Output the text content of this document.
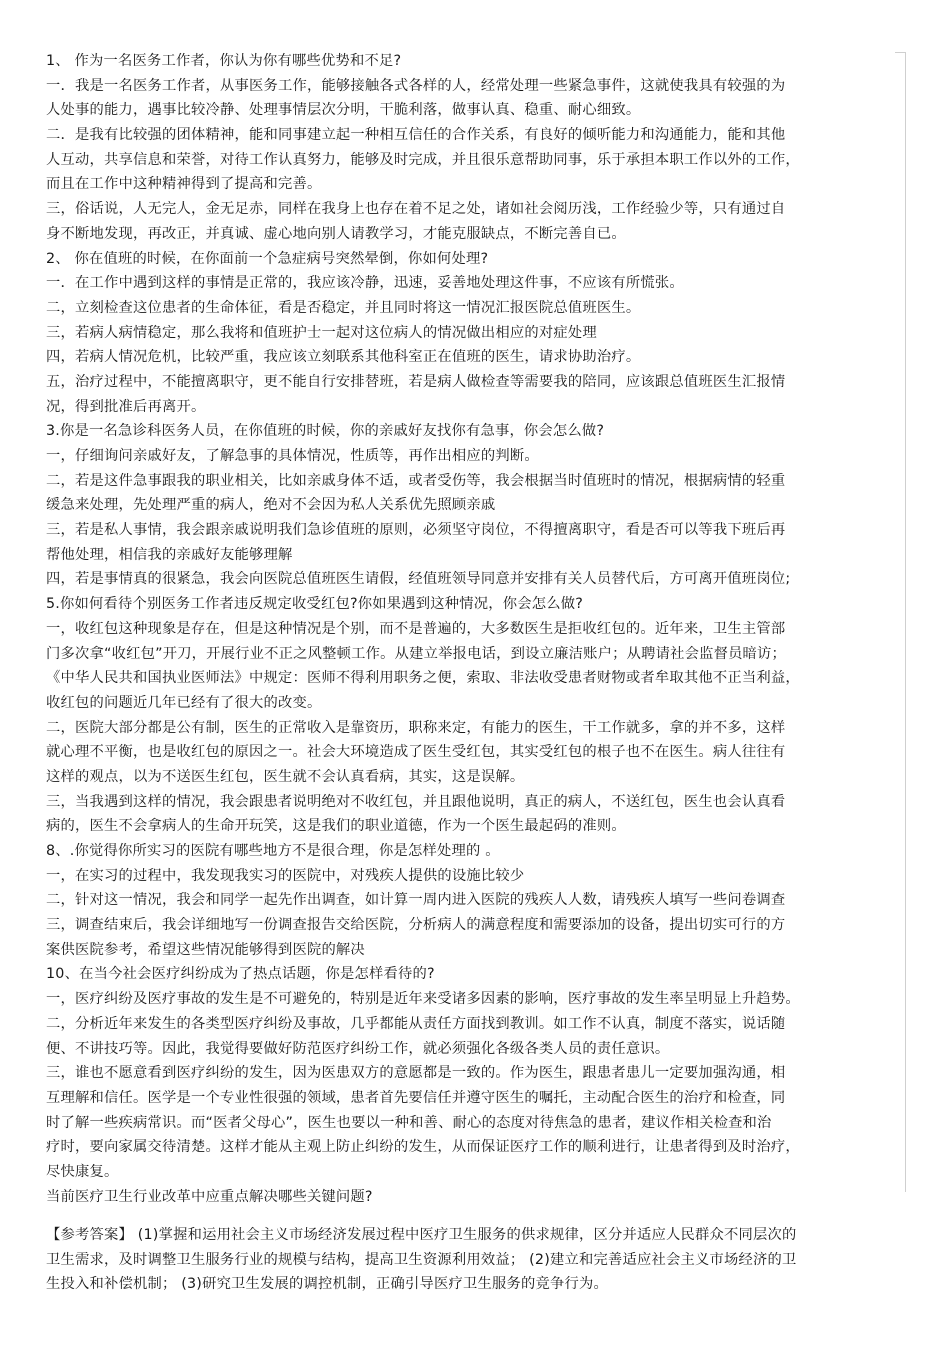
1、 作为一名医务工作者，你认为你有哪些优势和不足?
一．我是一名医务工作者，从事医务工作，能够接触各式各样的人，经常处理一些紧急事件，这就使我具有较强的为
人处事的能力，遇事比较冷静、处理事情层次分明，干脆利落，做事认真、稳重、耐心细致。
二．是我有比较强的团体精神，能和同事建立起一种相互信任的合作关系，有良好的倾听能力和沟通能力，能和其他
人互动，共享信息和荣誉，对待工作认真努力，能够及时完成，并且很乐意帮助同事，乐于承担本职工作以外的工作，
而且在工作中这种精神得到了提高和完善。
三，俗话说，人无完人，金无足赤，同样在我身上也存在着不足之处，诸如社会阅历浅，工作经验少等，只有通过自
身不断地发现，再改正，并真诚、虚心地向别人请教学习，才能克服缺点，不断完善自已。
2、 你在值班的时候，在你面前一个急症病号突然晕倒，你如何处理?
一．在工作中遇到这样的事情是正常的，我应该冷静，迅速，妥善地处理这件事，不应该有所慌张。
二，立刻检查这位患者的生命体征，看是否稳定，并且同时将这一情况汇报医院总值班医生。
三，若病人病情稳定，那么我将和值班护士一起对这位病人的情况做出相应的对症处理
四，若病人情况危机，比较严重，我应该立刻联系其他科室正在值班的医生，请求协助治疗。
五，治疗过程中，不能擅离职守，更不能自行安排替班，若是病人做检查等需要我的陪同，应该跟总值班医生汇报情
况，得到批准后再离开。
3.你是一名急诊科医务人员，在你值班的时候，你的亲戚好友找你有急事，你会怎么做?
一，仔细询问亲戚好友，了解急事的具体情况，性质等，再作出相应的判断。
二，若是这件急事跟我的职业相关，比如亲戚身体不适，或者受伤等，我会根据当时值班时的情况，根据病情的轻重
缓急来处理，先处理严重的病人，绝对不会因为私人关系优先照顾亲戚
三，若是私人事情，我会跟亲戚说明我们急诊值班的原则，必须坚守岗位，不得擅离职守，看是否可以等我下班后再
帮他处理，相信我的亲戚好友能够理解
四，若是事情真的很紧急，我会向医院总值班医生请假，经值班领导同意并安排有关人员替代后，方可离开值班岗位;
5.你如何看待个别医务工作者违反规定收受红包?你如果遇到这种情况，你会怎么做?
一，收红包这种现象是存在，但是这种情况是个别，而不是普遍的，大多数医生是拒收红包的。近年来，卫生主管部
门多次拿“收红包”开刀，开展行业不正之风整顿工作。从建立举报电话，到设立廉洁账户；从聘请社会监督员暗访；
《中华人民共和国执业医师法》中规定：医师不得利用职务之便，索取、非法收受患者财物或者牟取其他不正当利益，
收红包的问题近几年已经有了很大的改变。
二，医院大部分都是公有制，医生的正常收入是靠资历，职称来定，有能力的医生，干工作就多，拿的并不多，这样
就心理不平衡，也是收红包的原因之一。社会大环境造成了医生受红包，其实受红包的根子也不在医生。病人往往有
这样的观点，以为不送医生红包，医生就不会认真看病，其实，这是误解。
三，当我遇到这样的情况，我会跟患者说明绝对不收红包，并且跟他说明，真正的病人，不送红包，医生也会认真看
病的，医生不会拿病人的生命开玩笑，这是我们的职业道德，作为一个医生最起码的准则。
8、.你觉得你所实习的医院有哪些地方不是很合理，你是怎样处理的 。
一，在实习的过程中，我发现我实习的医院中，对残疾人提供的设施比较少
二，针对这一情况，我会和同学一起先作出调查，如计算一周内进入医院的残疾人人数，请残疾人填写一些问卷调查
三，调查结束后，我会详细地写一份调查报告交给医院，分析病人的满意程度和需要添加的设备，提出切实可行的方
案供医院参考，希望这些情况能够得到医院的解决
10、在当今社会医疗纠纷成为了热点话题，你是怎样看待的?
一，医疗纠纷及医疗事故的发生是不可避免的，特别是近年来受诸多因素的影响，医疗事故的发生率呈明显上升趋势。
二，分析近年来发生的各类型医疗纠纷及事故，几乎都能从责任方面找到教训。如工作不认真，制度不落实，说话随
便、不讲技巧等。因此，我觉得要做好防范医疗纠纷工作，就必须强化各级各类人员的责任意识。
三，谁也不愿意看到医疗纠纷的发生，因为医患双方的意愿都是一致的。作为医生，跟患者患儿一定要加强沟通，相
互理解和信任。医学是一个专业性很强的领域，患者首先要信任并遵守医生的嘱托，主动配合医生的治疗和检查，同
时了解一些疾病常识。而“医者父母心”，医生也要以一种和善、耐心的态度对待焦急的患者，建议作相关检查和治
疗时，要向家属交待清楚。这样才能从主观上防止纠纷的发生，从而保证医疗工作的顺利进行，让患者得到及时治疗，
尽快康复。
当前医疗卫生行业改革中应重点解决哪些关键问题?
【参考答案】 (1)掌握和运用社会主义市场经济发展过程中医疗卫生服务的供求规律，区分并适应人民群众不同层次的
卫生需求，及时调整卫生服务行业的规模与结构，提高卫生资源利用效益； (2)建立和完善适应社会主义市场经济的卫
生投入和补偿机制； (3)研究卫生发展的调控机制，正确引导医疗卫生服务的竞争行为。
